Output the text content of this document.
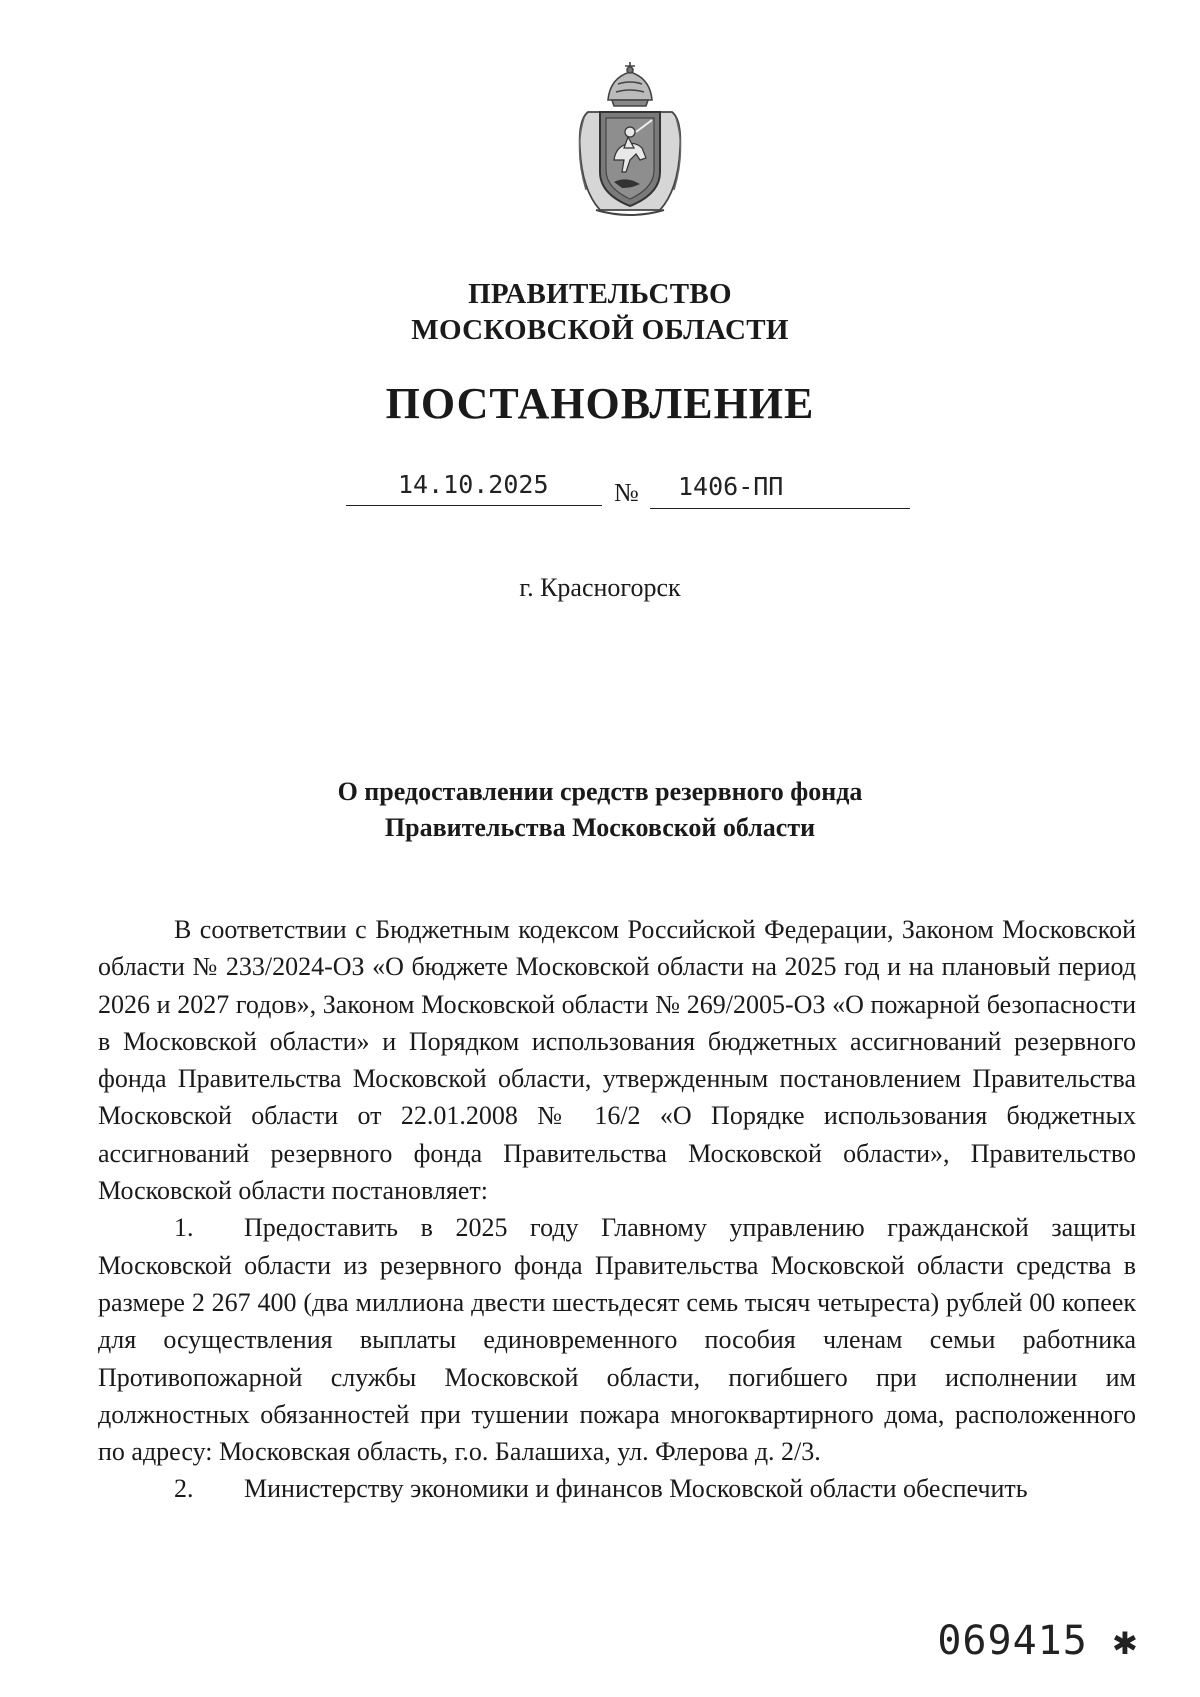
ПРАВИТЕЛЬСТВО
МОСКОВСКОЙ ОБЛАСТИ
ПОСТАНОВЛЕНИЕ
14.10.2025	№ 1406-ПП
г. Красногорск
О предоставлении средств резервного фонда
Правительства Московской области

В соответствии с Бюджетным кодексом Российской Федерации, Законом Московской области № 233/2024-ОЗ «О бюджете Московской области на 2025 год и на плановый период 2026 и 2027 годов», Законом Московской области № 269/2005-ОЗ «О пожарной безопасности в Московской области» и Порядком использования бюджетных ассигнований резервного фонда Правительства Московской области, утвержденным постановлением Правительства Московской области от 22.01.2008 № 16/2 «О Порядке использования бюджетных ассигнований резервного фонда Правительства Московской области», Правительство Московской области постановляет:

1. Предоставить в 2025 году Главному управлению гражданской защиты Московской области из резервного фонда Правительства Московской области средства в размере 2 267 400 (два миллиона двести шестьдесят семь тысяч четыреста) рублей 00 копеек для осуществления выплаты единовременного пособия членам семьи работника Противопожарной службы Московской области, погибшего при исполнении им должностных обязанностей при тушении пожара многоквартирного дома, расположенного по адресу: Московская область, г.о. Балашиха, ул. Флерова д. 2/3.

2. Министерству экономики и финансов Московской области обеспечить

069415 ✱
